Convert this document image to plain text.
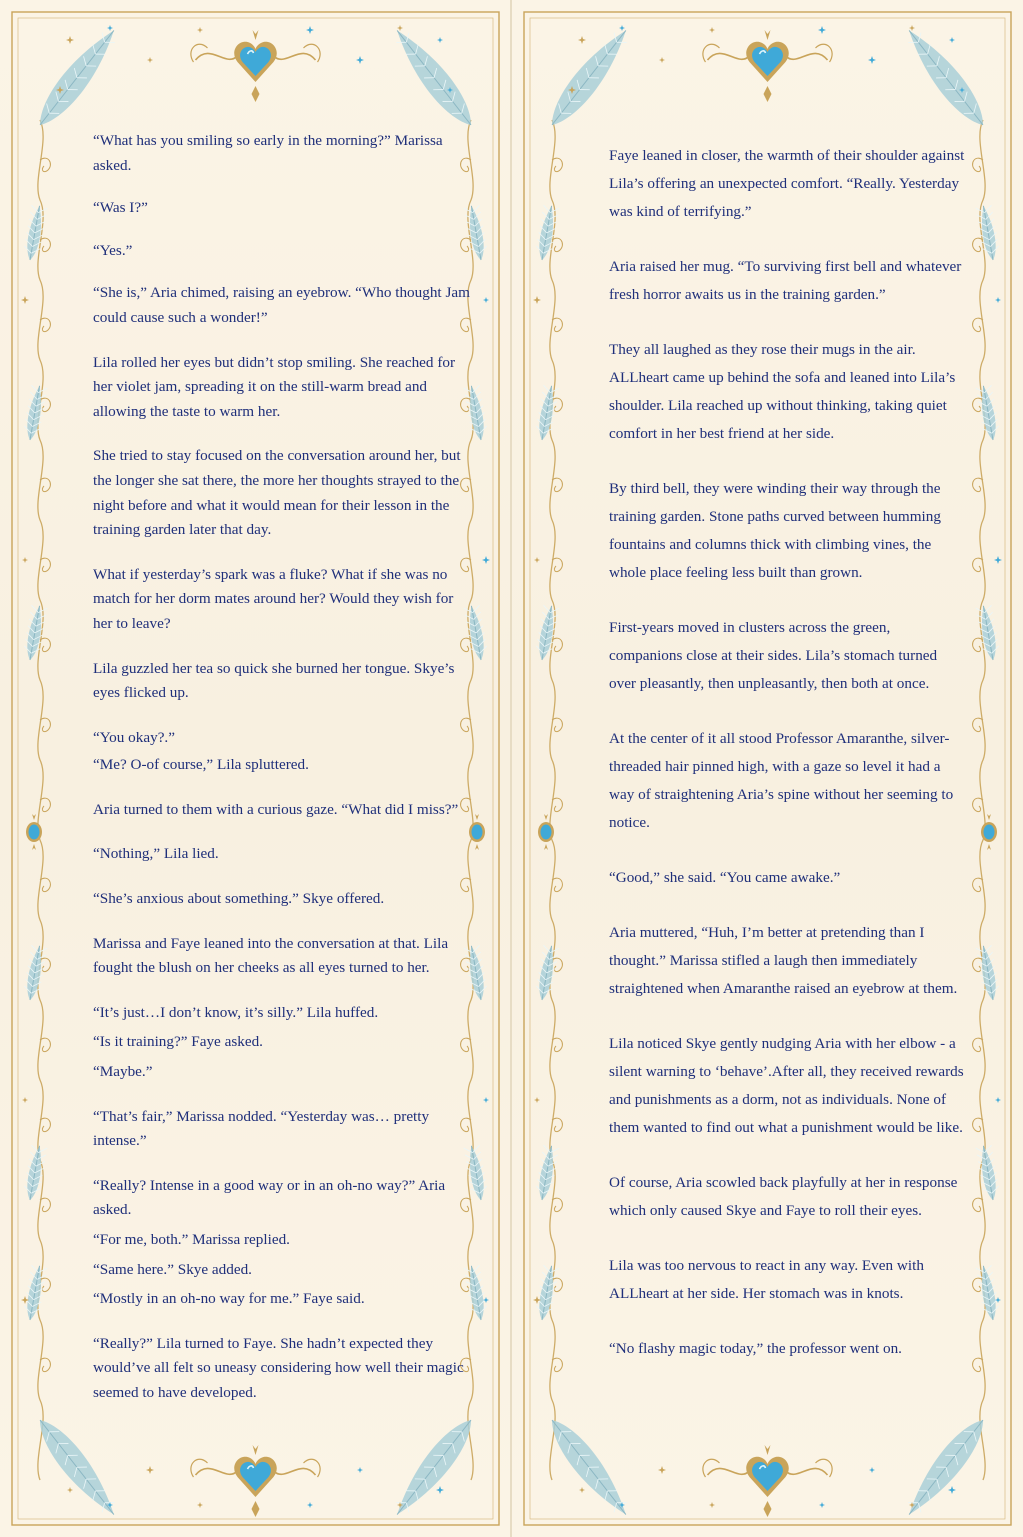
“What has you smiling so early in the morning?” Marissa asked.

“Was I?”

“Yes.”

“She is,” Aria chimed, raising an eyebrow. “Who thought Jam could cause such a wonder!”

Lila rolled her eyes but didn’t stop smiling. She reached for her violet jam, spreading it on the still-warm bread and allowing the taste to warm her.

She tried to stay focused on the conversation around her, but the longer she sat there, the more her thoughts strayed to the night before and what it would mean for their lesson in the training garden later that day.

What if yesterday’s spark was a fluke? What if she was no match for her dorm mates around her? Would they wish for her to leave?

Lila guzzled her tea so quick she burned her tongue. Skye’s eyes flicked up.

“You okay?.”

“Me? O-of course,” Lila spluttered.

Aria turned to them with a curious gaze. “What did I miss?”

“Nothing,” Lila lied.

“She’s anxious about something.” Skye offered.

Marissa and Faye leaned into the conversation at that. Lila fought the blush on her cheeks as all eyes turned to her.

“It’s just…I don’t know, it’s silly.” Lila huffed.

“Is it training?” Faye asked.

“Maybe.”

“That’s fair,” Marissa nodded. “Yesterday was… pretty intense.”

“Really? Intense in a good way or in an oh-no way?” Aria asked.

“For me, both.” Marissa replied.

“Same here.” Skye added.

“Mostly in an oh-no way for me.” Faye said.

“Really?” Lila turned to Faye. She hadn’t expected they would’ve all felt so uneasy considering how well their magic seemed to have developed.

Faye leaned in closer, the warmth of their shoulder against Lila’s offering an unexpected comfort. “Really. Yesterday was kind of terrifying.”

Aria raised her mug. “To surviving first bell and whatever fresh horror awaits us in the training garden.”

They all laughed as they rose their mugs in the air. ALLheart came up behind the sofa and leaned into Lila’s shoulder. Lila reached up without thinking, taking quiet comfort in her best friend at her side.

By third bell, they were winding their way through the training garden. Stone paths curved between humming fountains and columns thick with climbing vines, the whole place feeling less built than grown.

First-years moved in clusters across the green, companions close at their sides. Lila’s stomach turned over pleasantly, then unpleasantly, then both at once.

At the center of it all stood Professor Amaranthe, silver-threaded hair pinned high, with a gaze so level it had a way of straightening Aria’s spine without her seeming to notice.

“Good,” she said. “You came awake.”

Aria muttered, “Huh, I’m better at pretending than I thought.” Marissa stifled a laugh then immediately straightened when Amaranthe raised an eyebrow at them.

Lila noticed Skye gently nudging Aria with her elbow - a silent warning to ‘behave’.After all, they received rewards and punishments as a dorm, not as individuals. None of them wanted to find out what a punishment would be like.

Of course, Aria scowled back playfully at her in response which only caused Skye and Faye to roll their eyes.

Lila was too nervous to react in any way. Even with ALLheart at her side. Her stomach was in knots.

“No flashy magic today,” the professor went on.
